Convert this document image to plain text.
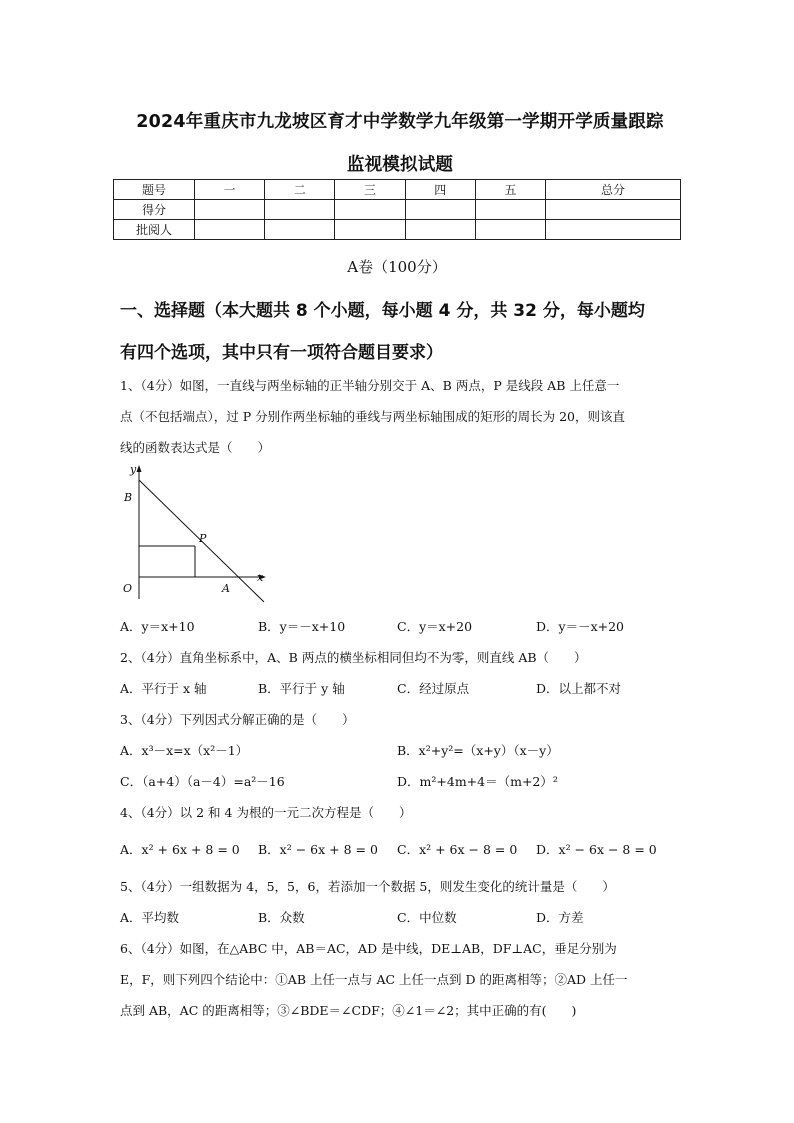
2024年重庆市九龙坡区育才中学数学九年级第一学期开学质量跟踪
监视模拟试题
题号	一	二	三	四	五	总分
得分						
批阅人						
A卷（100分）
一、选择题（本大题共 8 个小题，每小题 4 分，共 32 分，每小题均
有四个选项，其中只有一项符合题目要求）
1、（4分）如图，一直线与两坐标轴的正半轴分别交于 A、B 两点，P 是线段 AB 上任意一
点（不包括端点），过 P 分别作两坐标轴的垂线与两坐标轴围成的矩形的周长为 20，则该直
线的函数表达式是（　　）
y
B
P
x
O	A
A．y＝x+10	B．y＝－x+10	C．y＝x+20	D．y＝－x+20
2、（4分）直角坐标系中，A、B 两点的横坐标相同但均不为零，则直线 AB（　　）
A．平行于 x 轴	B．平行于 y 轴	C．经过原点	D．以上都不对
3、（4分）下列因式分解正确的是（　　）
A．x³－x=x（x²－1）	B．x²+y²=（x+y）（x－y）
C．（a+4）（a－4）=a²－16	D．m²+4m+4＝（m+2）²
4、（4分）以 2 和 4 为根的一元二次方程是（　　）
A．x² + 6x + 8 = 0 B．x² − 6x + 8 = 0 C．x² + 6x − 8 = 0 D．x² − 6x − 8 = 0
5、（4分）一组数据为 4，5，5，6，若添加一个数据 5，则发生变化的统计量是（　　）
A．平均数	B．众数	C．中位数	D．方差
6、（4分）如图，在△ABC 中，AB＝AC，AD 是中线，DE⊥AB，DF⊥AC，垂足分别为
E，F，则下列四个结论中：①AB 上任一点与 AC 上任一点到 D 的距离相等；②AD 上任一
点到 AB，AC 的距离相等；③∠BDE＝∠CDF；④∠1＝∠2；其中正确的有(　　)
